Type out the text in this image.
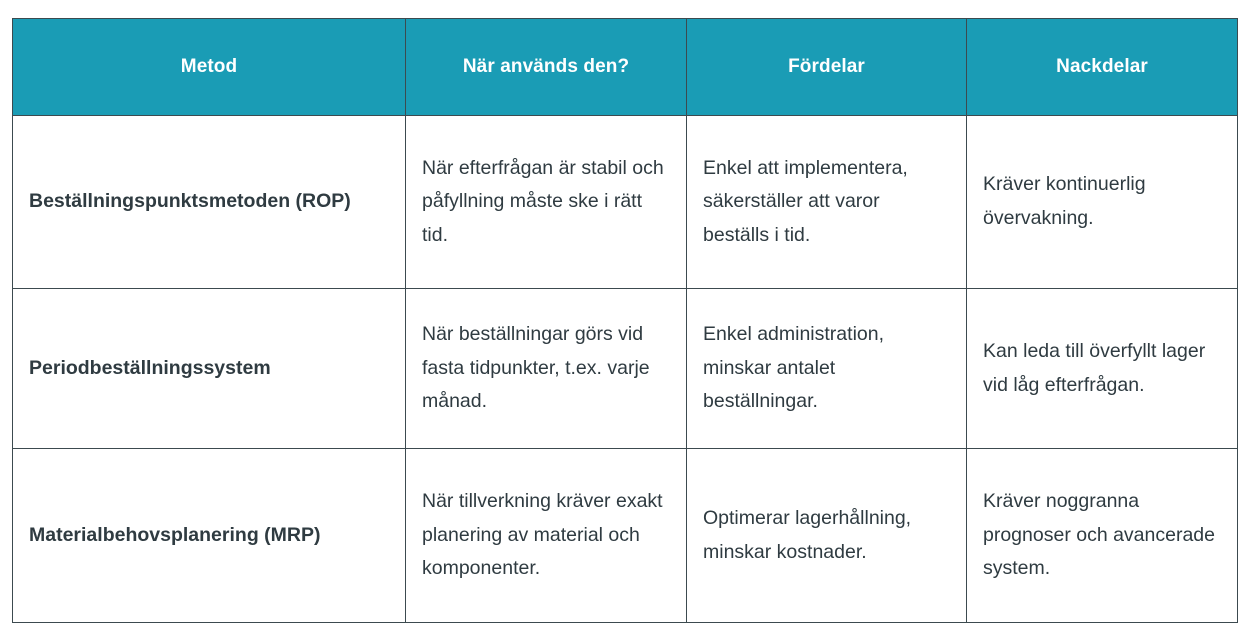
Metod	När används den?	Fördelar	Nackdelar
Beställningspunktsmetoden (ROP)	När efterfrågan är stabil och påfyllning måste ske i rätt tid.	Enkel att implementera, säkerställer att varor beställs i tid.	Kräver kontinuerlig övervakning.
Periodbeställningssystem	När beställningar görs vid fasta tidpunkter, t.ex. varje månad.	Enkel administration, minskar antalet beställningar.	Kan leda till överfyllt lager vid låg efterfrågan.
Materialbehovsplanering (MRP)	När tillverkning kräver exakt planering av material och komponenter.	Optimerar lagerhållning, minskar kostnader.	Kräver noggranna prognoser och avancerade system.
